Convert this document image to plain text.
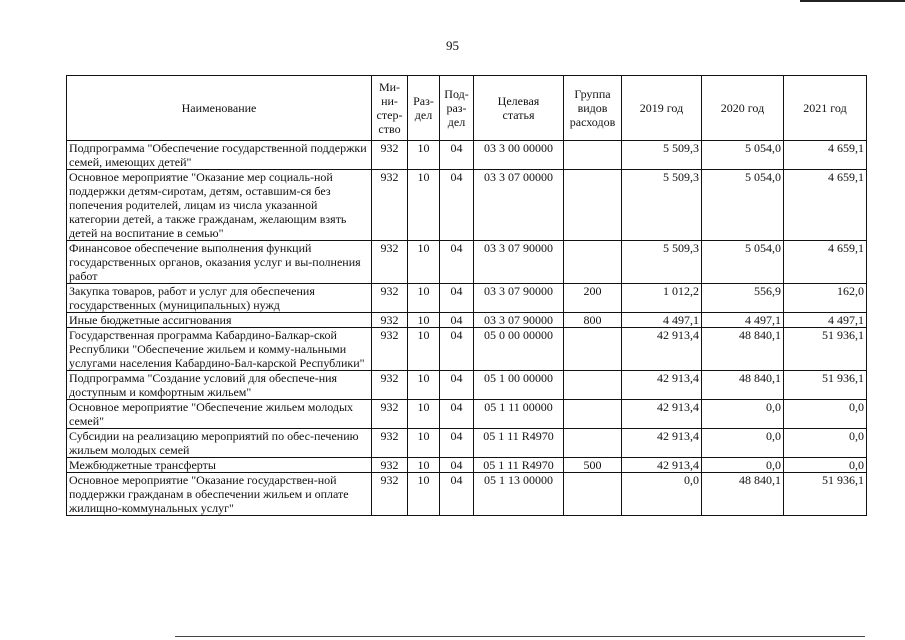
95
Наименование	Ми-
ни-
стер-
ство	Раз-
дел	Под-
раз-
дел	Целевая
статья	Группа
видов
расходов	2019 год	2020 год	2021 год
Подпрограмма "Обеспечение государственной поддержки семей, имеющих детей"	932	10	04	03 3 00 00000		5 509,3	5 054,0	4 659,1
Основное мероприятие "Оказание мер социаль-ной поддержки детям-сиротам, детям, оставшим-ся без попечения родителей, лицам из числа указанной категории детей, а также гражданам, желающим взять детей на воспитание в семью"	932	10	04	03 3 07 00000		5 509,3	5 054,0	4 659,1
Финансовое обеспечение выполнения функций государственных органов, оказания услуг и вы-полнения работ	932	10	04	03 3 07 90000		5 509,3	5 054,0	4 659,1
Закупка товаров, работ и услуг для обеспечения государственных (муниципальных) нужд	932	10	04	03 3 07 90000	200	1 012,2	556,9	162,0
Иные бюджетные ассигнования	932	10	04	03 3 07 90000	800	4 497,1	4 497,1	4 497,1
Государственная программа Кабардино-Балкар-ской Республики "Обеспечение жильем и комму-нальными услугами населения Кабардино-Бал-карской Республики"	932	10	04	05 0 00 00000		42 913,4	48 840,1	51 936,1
Подпрограмма "Создание условий для обеспече-ния доступным и комфортным жильем"	932	10	04	05 1 00 00000		42 913,4	48 840,1	51 936,1
Основное мероприятие "Обеспечение жильем молодых семей"	932	10	04	05 1 11 00000		42 913,4	0,0	0,0
Субсидии на реализацию мероприятий по обес-печению жильем молодых семей	932	10	04	05 1 11 R4970		42 913,4	0,0	0,0
Межбюджетные трансферты	932	10	04	05 1 11 R4970	500	42 913,4	0,0	0,0
Основное мероприятие "Оказание государствен-ной поддержки гражданам в обеспечении жильем и оплате жилищно-коммунальных услуг"	932	10	04	05 1 13 00000		0,0	48 840,1	51 936,1
